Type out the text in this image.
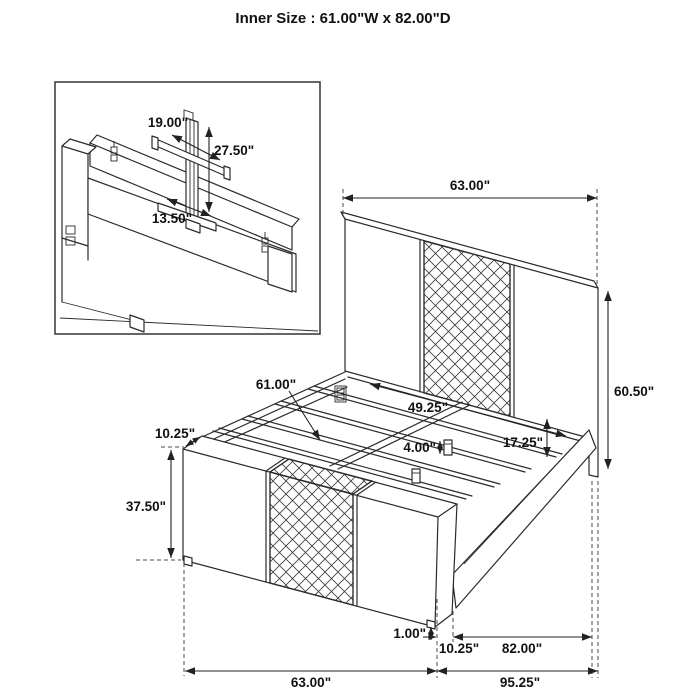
Inner Size : 61.00"W x 82.00"D
19.00"
27.50"
13.50"
63.00"
60.50"
61.00"
49.25"
17.25"
4.00"
10.25"
37.50"
1.00"
10.25" 82.00"
63.00"	95.25"
